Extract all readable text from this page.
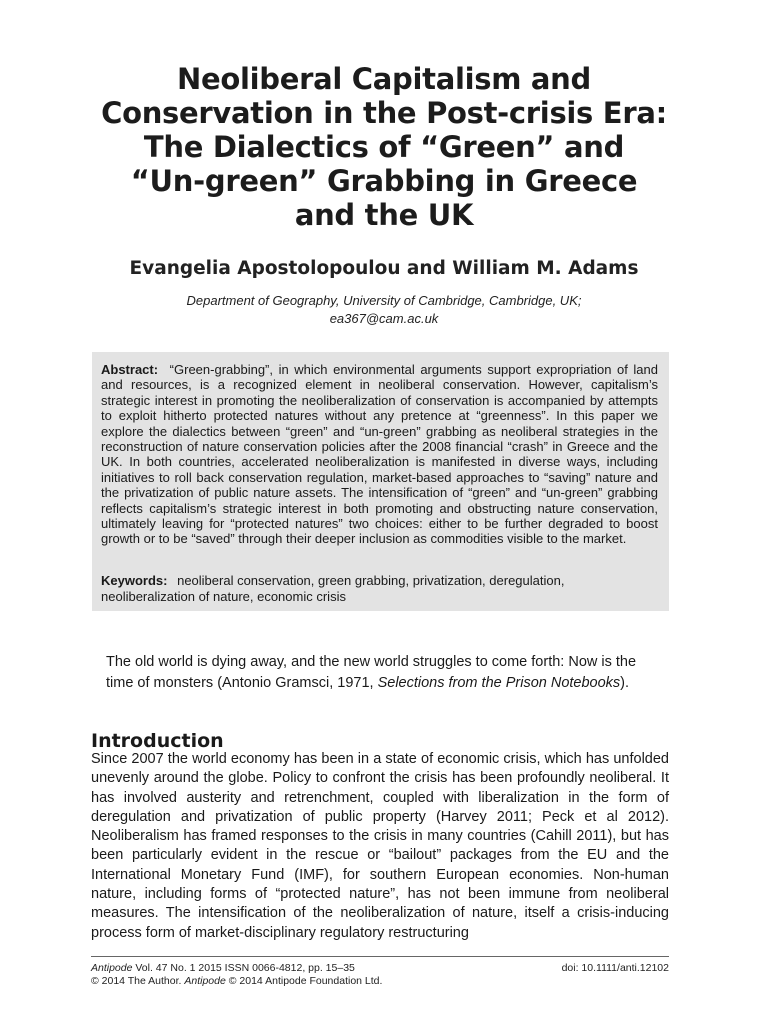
Neoliberal Capitalism and
Conservation in the Post-crisis Era:
The Dialectics of “Green” and
“Un-green” Grabbing in Greece
and the UK
Evangelia Apostolopoulou and William M. Adams
Department of Geography, University of Cambridge, Cambridge, UK;
ea367@cam.ac.uk
Abstract: “Green-grabbing”, in which environmental arguments support expropriation of land and resources, is a recognized element in neoliberal conservation. However, capitalism’s strategic interest in promoting the neoliberalization of conservation is accompanied by attempts to exploit hitherto protected natures without any pretence at “greenness”. In this paper we explore the dialectics between “green” and “un-green” grabbing as neoliberal strategies in the reconstruction of nature conservation policies after the 2008 financial “crash” in Greece and the UK. In both countries, accelerated neoliberalization is manifested in diverse ways, including initiatives to roll back conservation regulation, market-based approaches to “saving” nature and the privatization of public nature assets. The intensification of “green” and “un-green” grabbing reflects capitalism’s strategic interest in both promoting and obstructing nature conservation, ultimately leaving for “protected natures” two choices: either to be further degraded to boost growth or to be “saved” through their deeper inclusion as commodities visible to the market.
Keywords: neoliberal conservation, green grabbing, privatization, deregulation, neoliberalization of nature, economic crisis
The old world is dying away, and the new world struggles to come forth: Now is the time of monsters (Antonio Gramsci, 1971, Selections from the Prison Notebooks).
Introduction
Since 2007 the world economy has been in a state of economic crisis, which has unfolded unevenly around the globe. Policy to confront the crisis has been profoundly neoliberal. It has involved austerity and retrenchment, coupled with liberalization in the form of deregulation and privatization of public property (Harvey 2011; Peck et al 2012). Neoliberalism has framed responses to the crisis in many countries (Cahill 2011), but has been particularly evident in the rescue or “bailout” packages from the EU and the International Monetary Fund (IMF), for southern European economies. Non-human nature, including forms of “protected nature”, has not been immune from neoliberal measures. The intensification of the neoliberalization of nature, itself a crisis-inducing process form of market-disciplinary regulatory restructuring
Antipode Vol. 47 No. 1 2015 ISSN 0066-4812, pp. 15–35
© 2014 The Author. Antipode © 2014 Antipode Foundation Ltd.
doi: 10.1111/anti.12102
